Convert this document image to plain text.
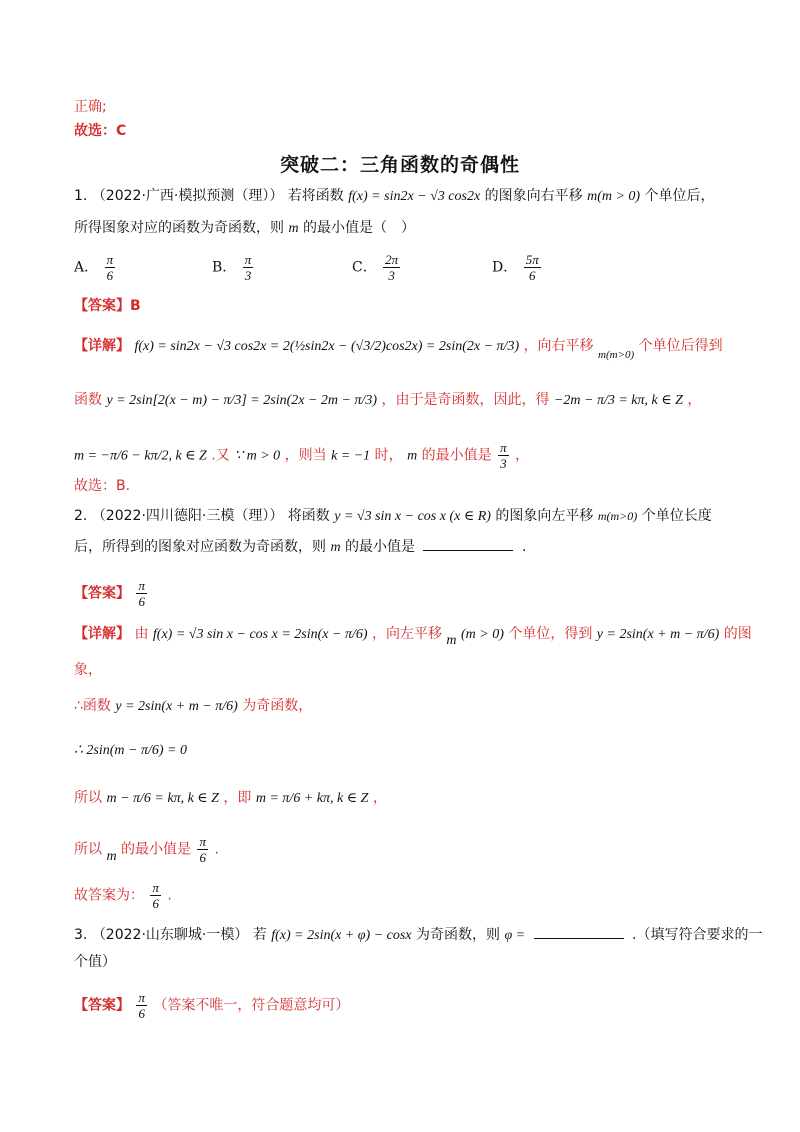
正确;
故选：C
突破二：三角函数的奇偶性
1. （2022·广西·模拟预测（理）） 若将函数 f(x) = sin2x − √3 cos2x 的图象向右平移 m(m > 0) 个单位后，
所得图象对应的函数为奇函数，则 m 的最小值是（　）
A． $\frac{\pi}{6}$	B． $\frac{\pi}{3}$	C． $\frac{2\pi}{3}$	D． $\frac{5\pi}{6}$
【答案】B
【详解】 f(x) = sin2x − √3 cos2x = 2(½sin2x − (√3/2)cos2x) = 2sin(2x − π/3) ，向右平移 $_{m(m>0)}$ 个单位后得到
函数 y = 2sin[2(x − m) − π/3] = 2sin(2x − 2m − π/3) ，由于是奇函数，因此，得 −2m − π/3 = kπ, k ∈ Z ，
m = −π/6 − kπ/2, k ∈ Z .又 ∵ m > 0 ，则当 k = −1 时， m 的最小值是 $\frac{\pi}{3}$ ，
故选：B.
2. （2022·四川德阳·三模（理）） 将函数 y = √3 sin x − cos x (x ∈ R) 的图象向左平移 m(m>0) 个单位长度
后，所得到的图象对应函数为奇函数，则 m 的最小值是	.
【答案】 $\frac{\pi}{6}$
【详解】 由 f(x) = √3 sin x − cos x = 2sin(x − π/6) ，向左平移 m (m > 0) 个单位，得到 y = 2sin(x + m − π/6) 的图
象，
∴函数 y = 2sin(x + m − π/6) 为奇函数，
∴ 2sin(m − π/6) = 0
所以 m − π/6 = kπ, k ∈ Z ，即 m = π/6 + kπ, k ∈ Z ，
所以 m 的最小值是 $\frac{\pi}{6}$ .
故答案为： $\frac{\pi}{6}$ .
3. （2022·山东聊城·一模） 若 f(x) = 2sin(x + φ) − cosx 为奇函数，则 φ =	.（填写符合要求的一
个值）
【答案】 $\frac{\pi}{6}$ （答案不唯一，符合题意均可）
